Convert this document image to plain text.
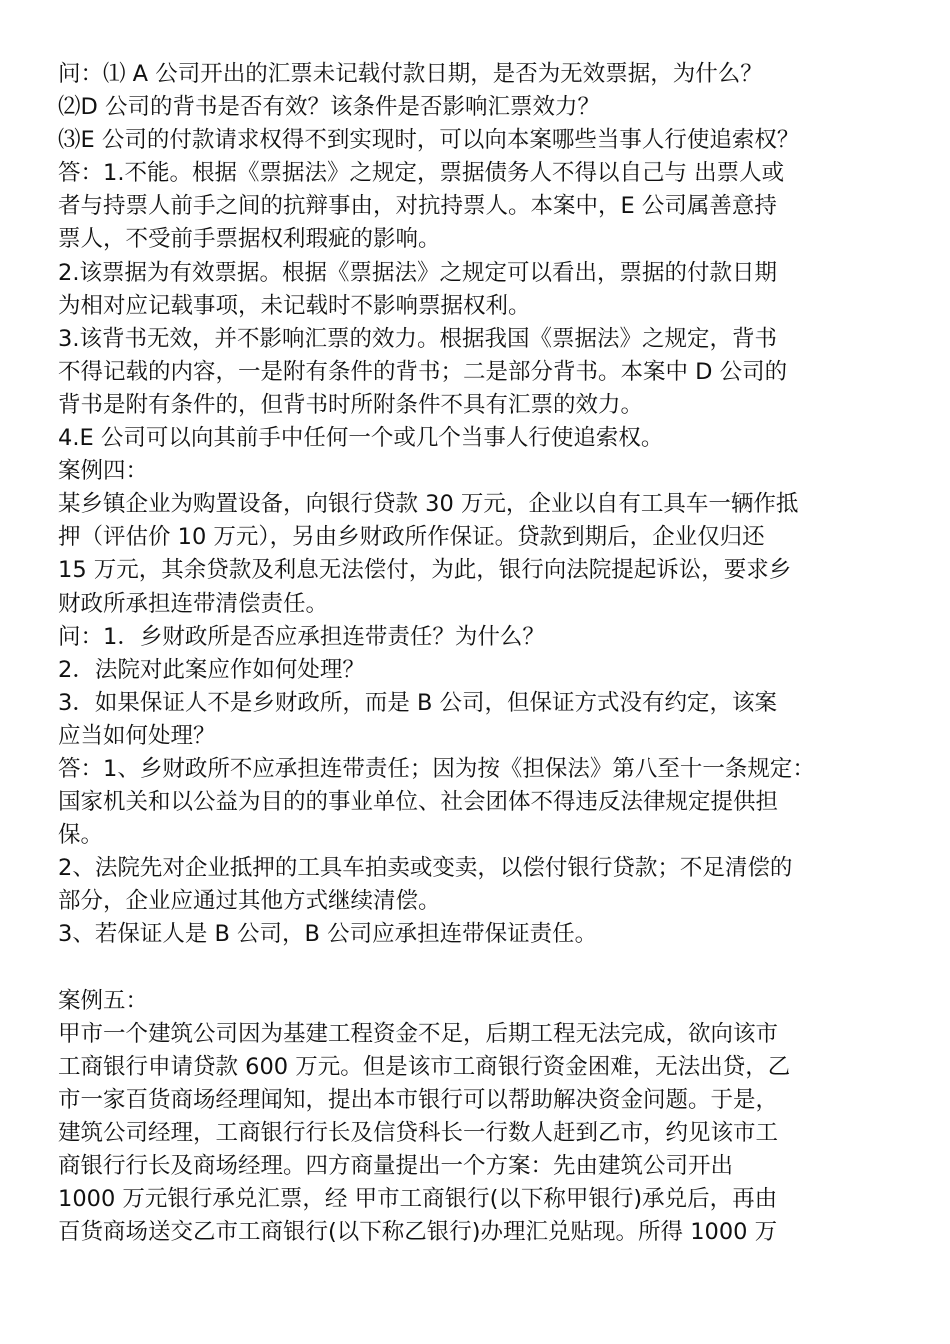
问：⑴ A 公司开出的汇票未记载付款日期，是否为无效票据，为什么？
⑵D 公司的背书是否有效？该条件是否影响汇票效力？
⑶E 公司的付款请求权得不到实现时，可以向本案哪些当事人行使追索权？
答：1.不能。根据《票据法》之规定，票据债务人不得以自己与 出票人或
者与持票人前手之间的抗辩事由，对抗持票人。本案中，E 公司属善意持
票人，不受前手票据权利瑕疵的影响。
2.该票据为有效票据。根据《票据法》之规定可以看出，票据的付款日期
为相对应记载事项，未记载时不影响票据权利。
3.该背书无效，并不影响汇票的效力。根据我国《票据法》之规定，背书
不得记载的内容，一是附有条件的背书；二是部分背书。本案中 D 公司的
背书是附有条件的，但背书时所附条件不具有汇票的效力。
4.E 公司可以向其前手中任何一个或几个当事人行使追索权。
案例四：
某乡镇企业为购置设备，向银行贷款 30 万元，企业以自有工具车一辆作抵
押（评估价 10 万元），另由乡财政所作保证。贷款到期后，企业仅归还
15 万元，其余贷款及利息无法偿付，为此，银行向法院提起诉讼，要求乡
财政所承担连带清偿责任。
问：1．乡财政所是否应承担连带责任？为什么？
2．法院对此案应作如何处理？
3．如果保证人不是乡财政所，而是 B 公司，但保证方式没有约定，该案
应当如何处理？
答：1、乡财政所不应承担连带责任；因为按《担保法》第八至十一条规定：
国家机关和以公益为目的的事业单位、社会团体不得违反法律规定提供担
保。
2、法院先对企业抵押的工具车拍卖或变卖，以偿付银行贷款；不足清偿的
部分，企业应通过其他方式继续清偿。
3、若保证人是 B 公司，B 公司应承担连带保证责任。
案例五：
甲市一个建筑公司因为基建工程资金不足，后期工程无法完成，欲向该市
工商银行申请贷款 600 万元。但是该市工商银行资金困难，无法出贷，乙
市一家百货商场经理闻知，提出本市银行可以帮助解决资金问题。于是，
建筑公司经理，工商银行行长及信贷科长一行数人赶到乙市，约见该市工
商银行行长及商场经理。四方商量提出一个方案：先由建筑公司开出
1000 万元银行承兑汇票，经 甲市工商银行(以下称甲银行)承兑后，再由
百货商场送交乙市工商银行(以下称乙银行)办理汇兑贴现。所得 1000 万
